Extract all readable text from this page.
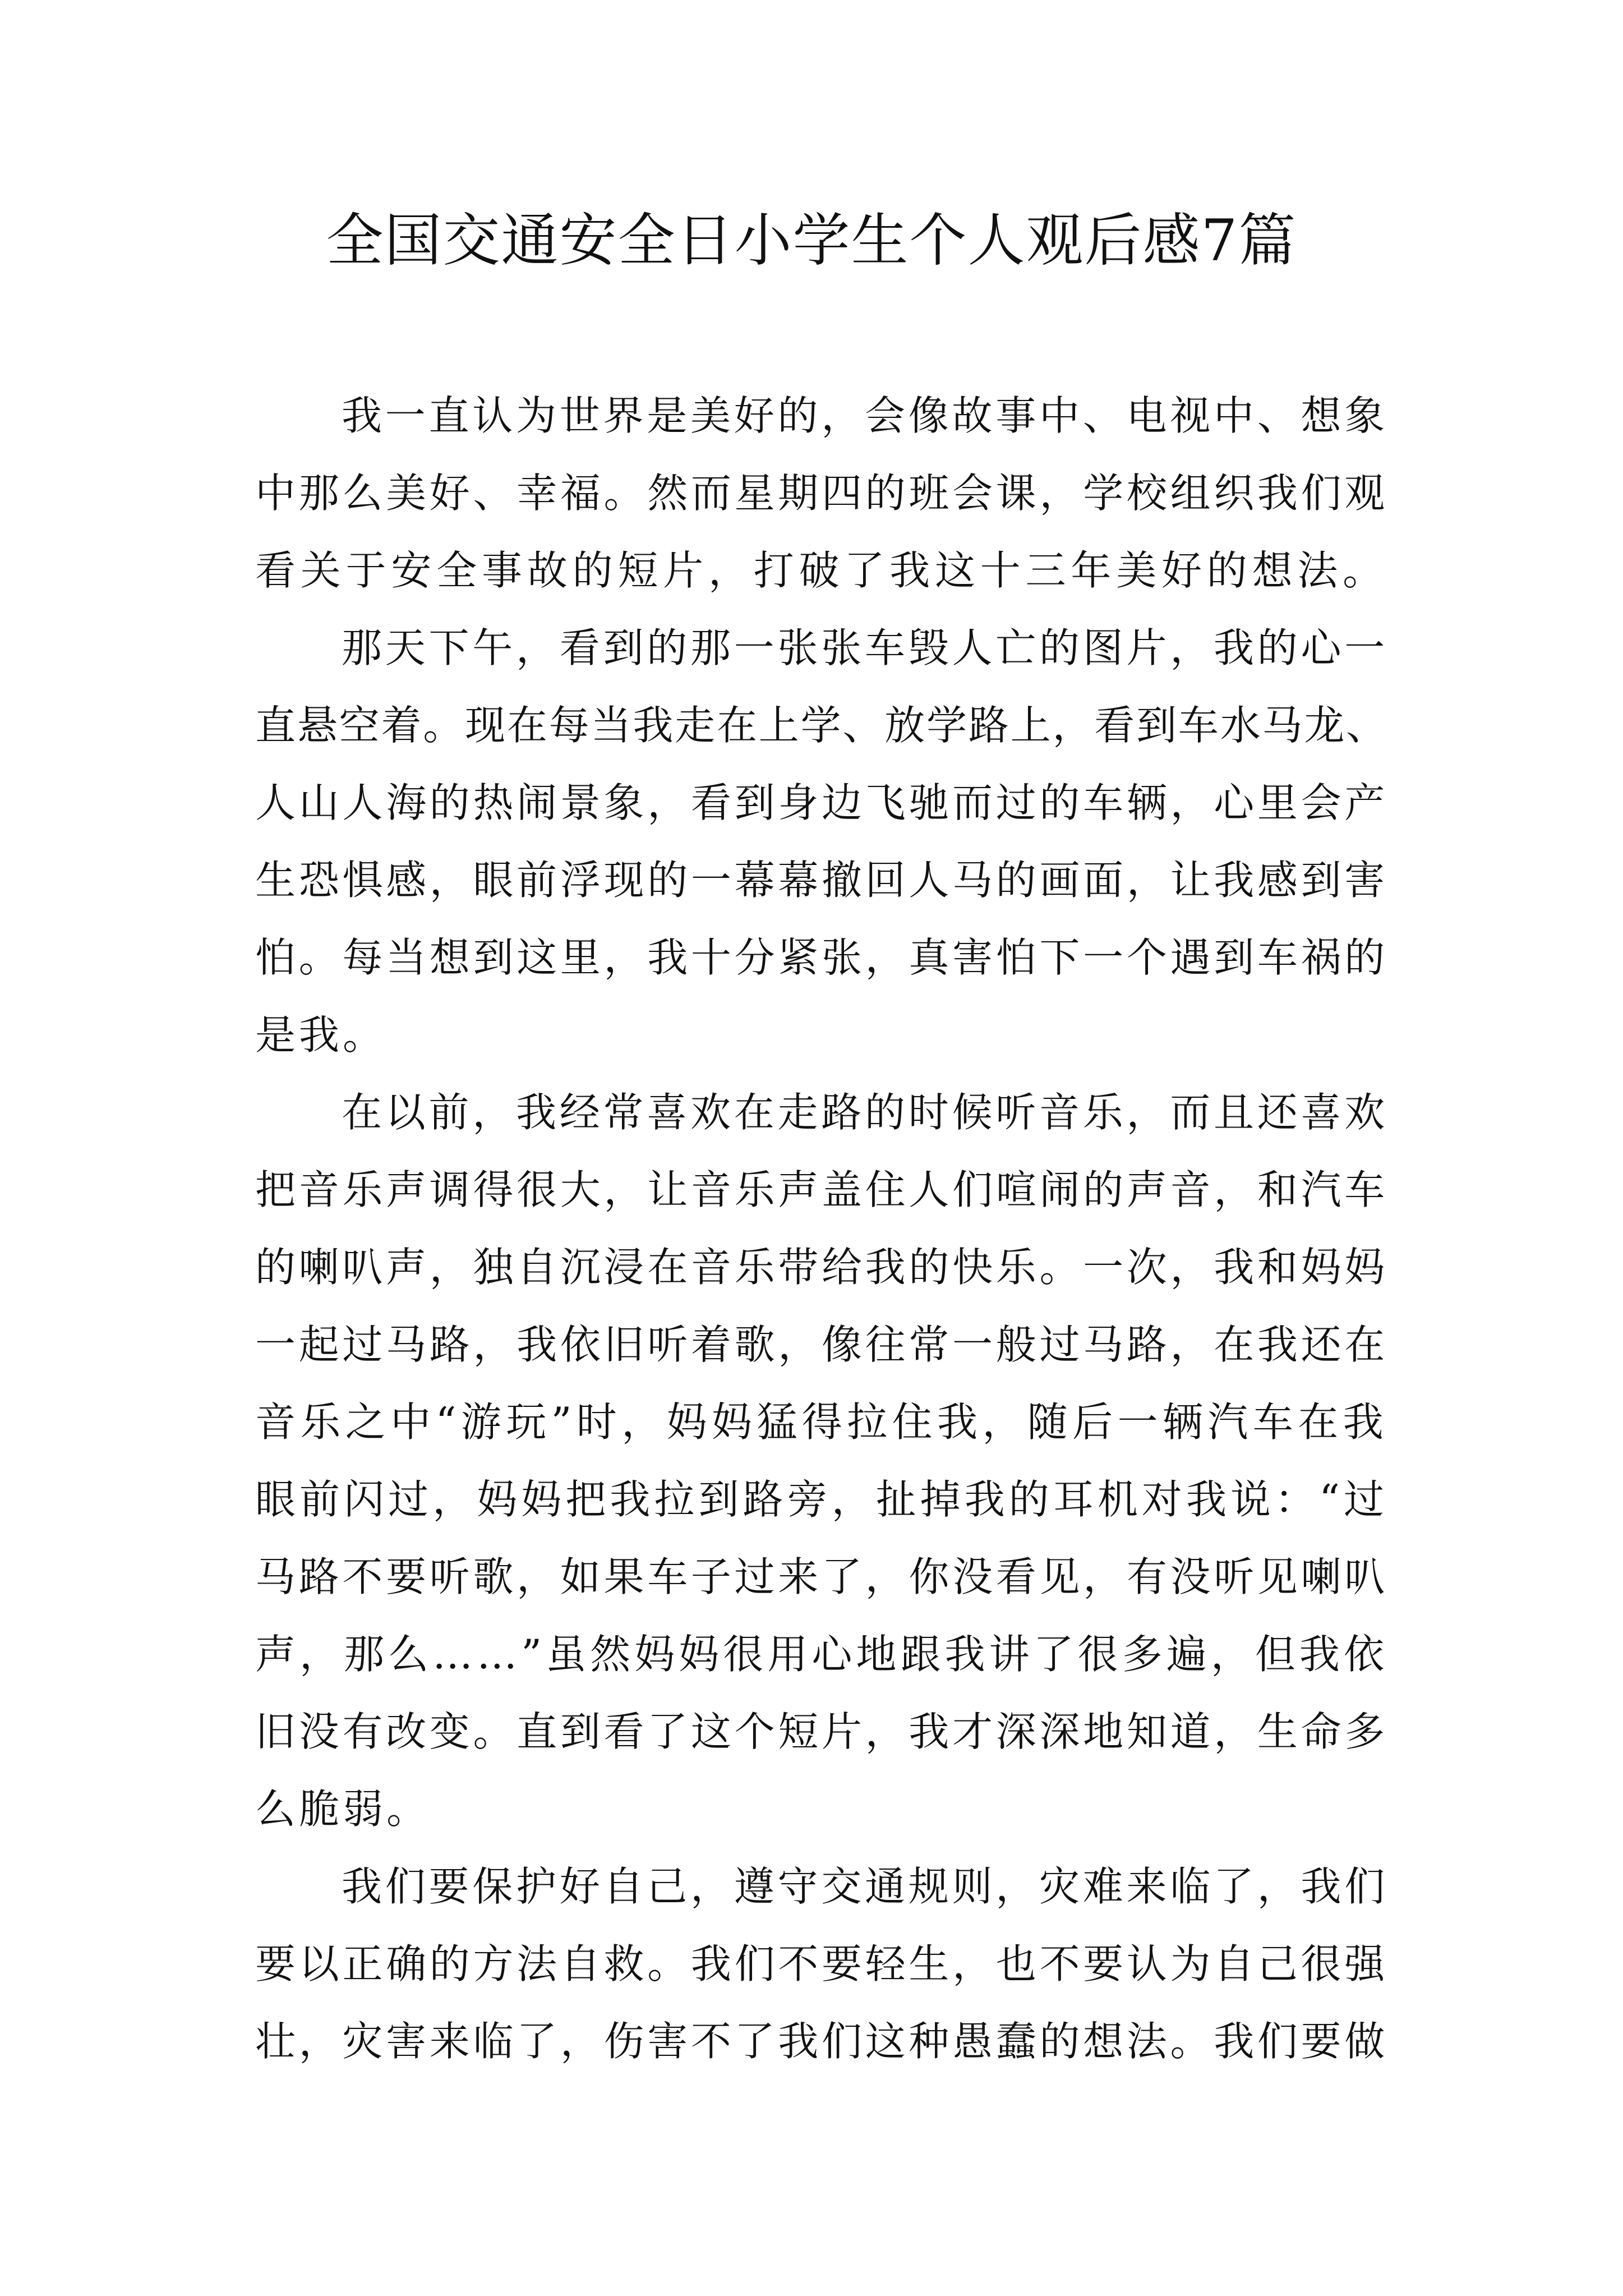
全国交通安全日小学生个人观后感7篇
我一直认为世界是美好的，会像故事中、电视中、想象
中那么美好、幸福。然而星期四的班会课，学校组织我们观
看关于安全事故的短片，打破了我这十三年美好的想法。
那天下午，看到的那一张张车毁人亡的图片，我的心一
直悬空着。现在每当我走在上学、放学路上，看到车水马龙、
人山人海的热闹景象，看到身边飞驰而过的车辆，心里会产
生恐惧感，眼前浮现的一幕幕撤回人马的画面，让我感到害
怕。每当想到这里，我十分紧张，真害怕下一个遇到车祸的
是我。
在以前，我经常喜欢在走路的时候听音乐，而且还喜欢
把音乐声调得很大，让音乐声盖住人们喧闹的声音，和汽车
的喇叭声，独自沉浸在音乐带给我的快乐。一次，我和妈妈
一起过马路，我依旧听着歌，像往常一般过马路，在我还在
音乐之中“游玩”时，妈妈猛得拉住我，随后一辆汽车在我
眼前闪过，妈妈把我拉到路旁，扯掉我的耳机对我说：“过
马路不要听歌，如果车子过来了，你没看见，有没听见喇叭
声，那么……”虽然妈妈很用心地跟我讲了很多遍，但我依
旧没有改变。直到看了这个短片，我才深深地知道，生命多
么脆弱。
我们要保护好自己，遵守交通规则，灾难来临了，我们
要以正确的方法自救。我们不要轻生，也不要认为自己很强
壮，灾害来临了，伤害不了我们这种愚蠢的想法。我们要做
